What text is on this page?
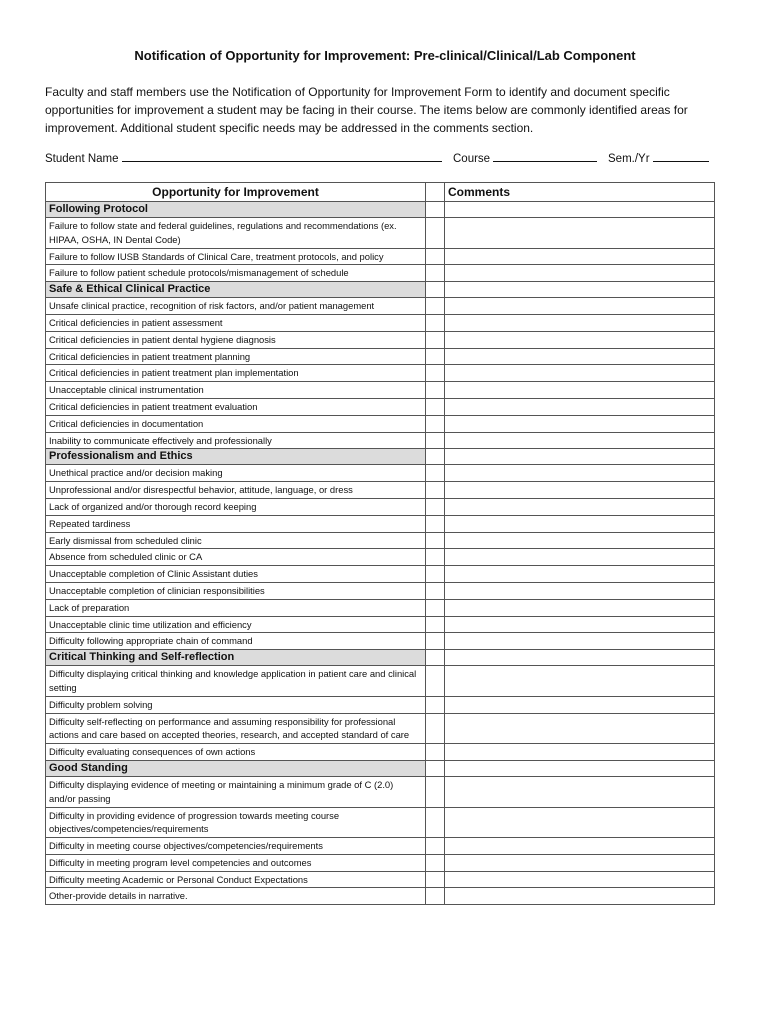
Notification of Opportunity for Improvement: Pre-clinical/Clinical/Lab Component
Faculty and staff members use the Notification of Opportunity for Improvement Form to identify and document specific opportunities for improvement a student may be facing in their course. The items below are commonly identified areas for improvement. Additional student specific needs may be addressed in the comments section.
Student Name	Course	Sem./Yr
Opportunity for Improvement		Comments
Following Protocol		
Failure to follow state and federal guidelines, regulations and recommendations (ex. HIPAA, OSHA, IN Dental Code)		
Failure to follow IUSB Standards of Clinical Care, treatment protocols, and policy		
Failure to follow patient schedule protocols/mismanagement of schedule		
Safe & Ethical Clinical Practice		
Unsafe clinical practice, recognition of risk factors, and/or patient management		
Critical deficiencies in patient assessment		
Critical deficiencies in patient dental hygiene diagnosis		
Critical deficiencies in patient treatment planning		
Critical deficiencies in patient treatment plan implementation		
Unacceptable clinical instrumentation		
Critical deficiencies in patient treatment evaluation		
Critical deficiencies in documentation		
Inability to communicate effectively and professionally		
Professionalism and Ethics		
Unethical practice and/or decision making		
Unprofessional and/or disrespectful behavior, attitude, language, or dress		
Lack of organized and/or thorough record keeping		
Repeated tardiness		
Early dismissal from scheduled clinic		
Absence from scheduled clinic or CA		
Unacceptable completion of Clinic Assistant duties		
Unacceptable completion of clinician responsibilities		
Lack of preparation		
Unacceptable clinic time utilization and efficiency		
Difficulty following appropriate chain of command		
Critical Thinking and Self-reflection		
Difficulty displaying critical thinking and knowledge application in patient care and clinical setting		
Difficulty problem solving		
Difficulty self-reflecting on performance and assuming responsibility for professional actions and care based on accepted theories, research, and accepted standard of care		
Difficulty evaluating consequences of own actions		
Good Standing		
Difficulty displaying evidence of meeting or maintaining a minimum grade of C (2.0) and/or passing		
Difficulty in providing evidence of progression towards meeting course objectives/competencies/requirements		
Difficulty in meeting course objectives/competencies/requirements		
Difficulty in meeting program level competencies and outcomes		
Difficulty meeting Academic or Personal Conduct Expectations		
Other-provide details in narrative.		
